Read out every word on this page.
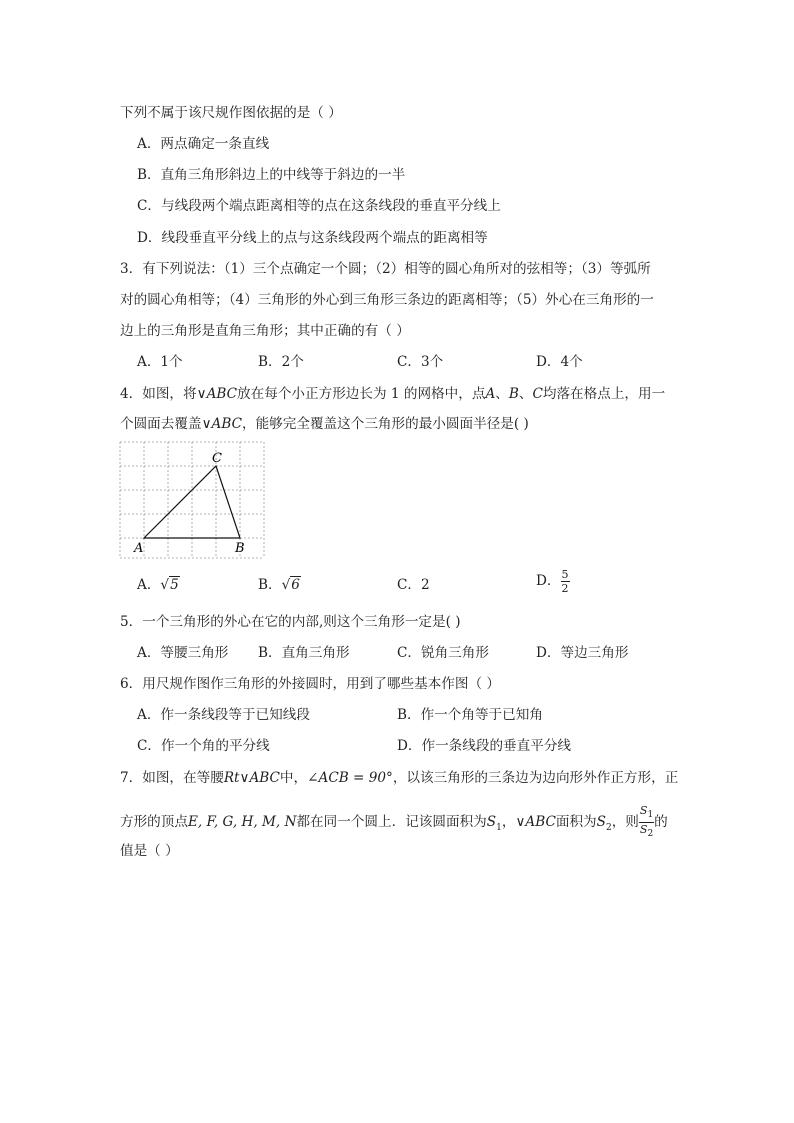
下列不属于该尺规作图依据的是（ ）
A．两点确定一条直线
B．直角三角形斜边上的中线等于斜边的一半
C．与线段两个端点距离相等的点在这条线段的垂直平分线上
D．线段垂直平分线上的点与这条线段两个端点的距离相等
3．有下列说法：（1）三个点确定一个圆；（2）相等的圆心角所对的弦相等；（3）等弧所
对的圆心角相等；（4）三角形的外心到三角形三条边的距离相等；（5）外心在三角形的一
边上的三角形是直角三角形；其中正确的有（ ）
A．1个	B．2个	C．3个	D．4个
4．如图，将∨ABC放在每个小正方形边长为 1 的网格中，点A、B、C均落在格点上，用一
个圆面去覆盖∨ABC，能够完全覆盖这个三角形的最小圆面半径是( )
C
A	B
A．√5	B．√6	C．2	D． $\frac{5}{2}$
5．一个三角形的外心在它的内部,则这个三角形一定是( )
A．等腰三角形 B．直角三角形	C．锐角三角形	D．等边三角形
6．用尺规作图作三角形的外接圆时，用到了哪些基本作图（ ）
A．作一条线段等于已知线段	B．作一个角等于已知角
C．作一个角的平分线	D．作一条线段的垂直平分线
7．如图，在等腰Rt∨ABC中，∠ACB = 90°，以该三角形的三条边为边向形外作正方形，正
方形的顶点E, F, G, H, M, N都在同一个圆上．记该圆面积为$S_1$，∨ABC面积为$S_2$，则 $\frac{S_1}{S_2}$ 的
值是（ ）
